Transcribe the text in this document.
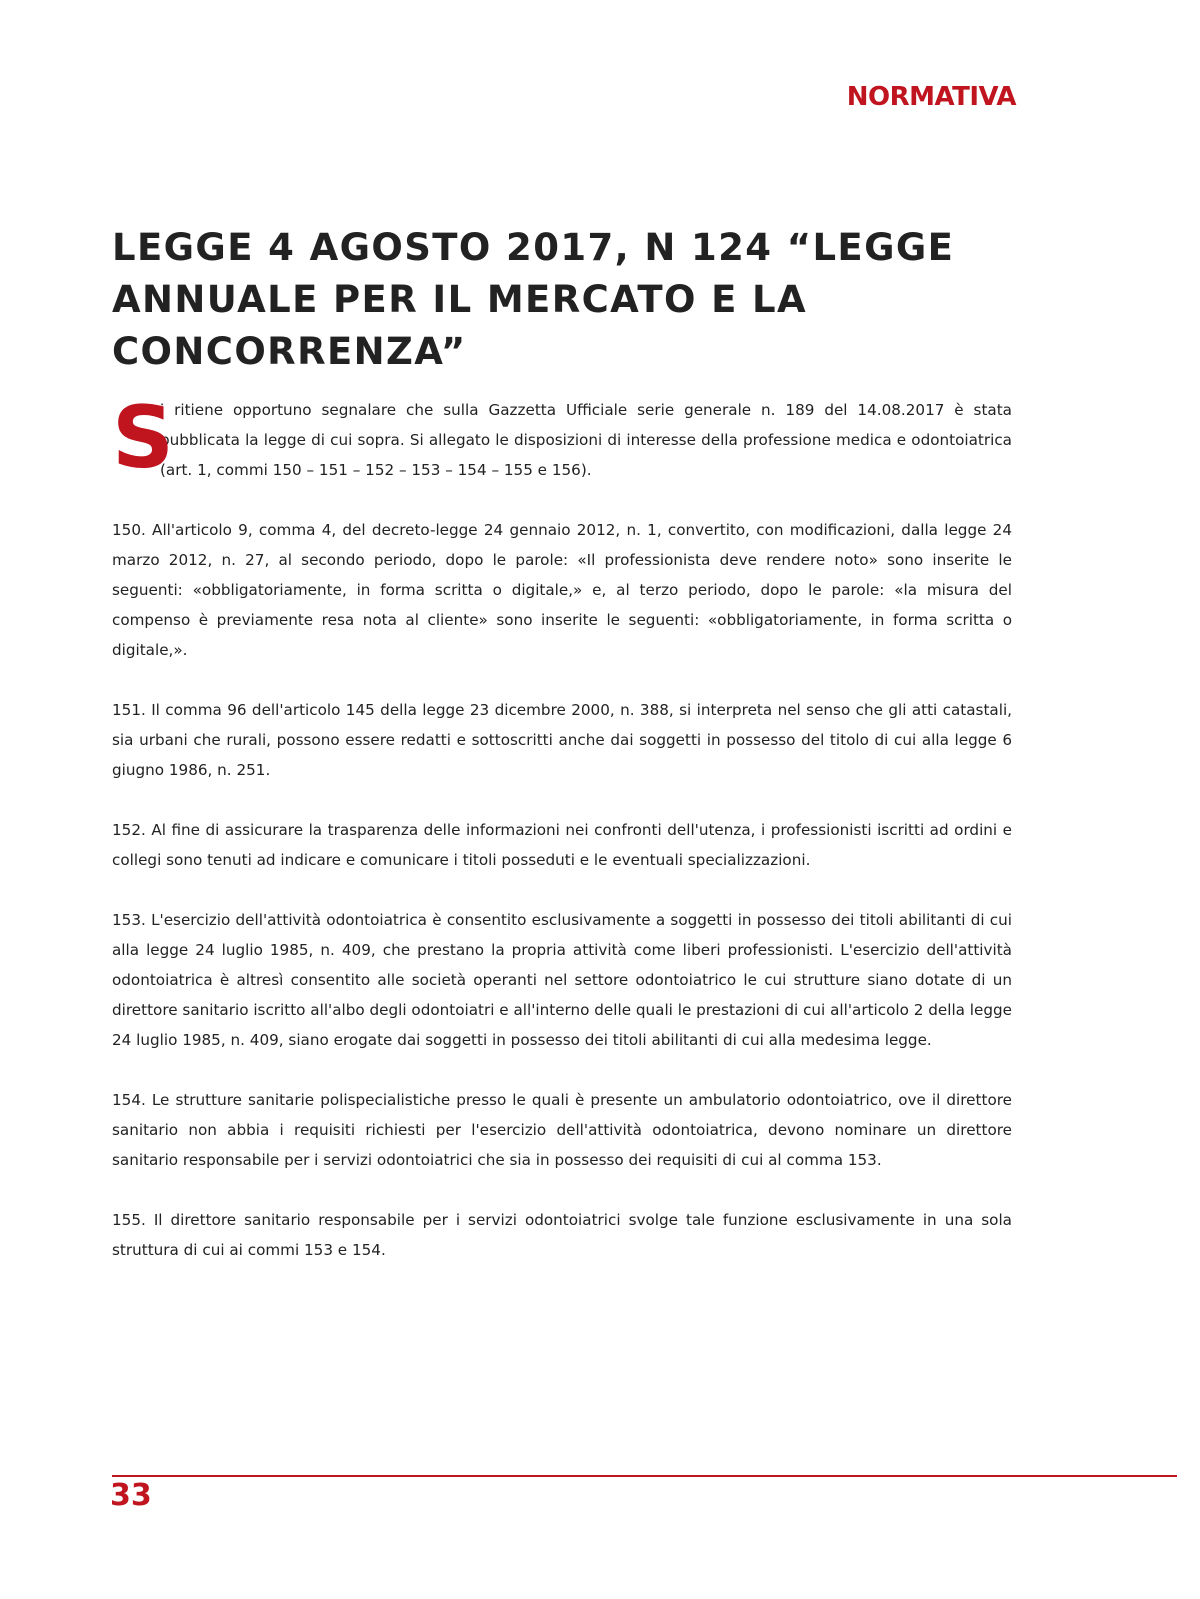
NORMATIVA
LEGGE 4 AGOSTO 2017, N 124 “LEGGE
ANNUALE PER IL MERCATO E LA
CONCORRENZA”

S
i ritiene opportuno segnalare che sulla Gazzetta Ufficiale serie generale n. 189 del 14.08.2017 è stata pubblicata la legge di cui sopra. Si allegato le disposizioni di interesse della professione medica e odontoiatrica (art. 1, commi 150 – 151 – 152 – 153 – 154 – 155 e 156).

150. All'articolo 9, comma 4, del decreto-legge 24 gennaio 2012, n. 1, convertito, con modificazioni, dalla legge 24 marzo 2012, n. 27, al secondo periodo, dopo le parole: «Il professionista deve rendere noto» sono inserite le seguenti: «obbligatoriamente, in forma scritta o digitale,» e, al terzo periodo, dopo le parole: «la misura del compenso è previamente resa nota al cliente» sono inserite le seguenti: «obbligatoriamente, in forma scritta o digitale,».

151. Il comma 96 dell'articolo 145 della legge 23 dicembre 2000, n. 388, si interpreta nel senso che gli atti catastali, sia urbani che rurali, possono essere redatti e sottoscritti anche dai soggetti in possesso del titolo di cui alla legge 6 giugno 1986, n. 251.

152. Al fine di assicurare la trasparenza delle informazioni nei confronti dell'utenza, i professionisti iscritti ad ordini e collegi sono tenuti ad indicare e comunicare i titoli posseduti e le eventuali specializzazioni.

153. L'esercizio dell'attività odontoiatrica è consentito esclusivamente a soggetti in possesso dei titoli abilitanti di cui alla legge 24 luglio 1985, n. 409, che prestano la propria attività come liberi professionisti. L'esercizio dell'attività odontoiatrica è altresì consentito alle società operanti nel settore odontoiatrico le cui strutture siano dotate di un direttore sanitario iscritto all'albo degli odontoiatri e all'interno delle quali le prestazioni di cui all'articolo 2 della legge 24 luglio 1985, n. 409, siano erogate dai soggetti in possesso dei titoli abilitanti di cui alla medesima legge.

154. Le strutture sanitarie polispecialistiche presso le quali è presente un ambulatorio odontoiatrico, ove il direttore sanitario non abbia i requisiti richiesti per l'esercizio dell'attività odontoiatrica, devono nominare un direttore sanitario responsabile per i servizi odontoiatrici che sia in possesso dei requisiti di cui al comma 153.

155. Il direttore sanitario responsabile per i servizi odontoiatrici svolge tale funzione esclusivamente in una sola struttura di cui ai commi 153 e 154.

33
